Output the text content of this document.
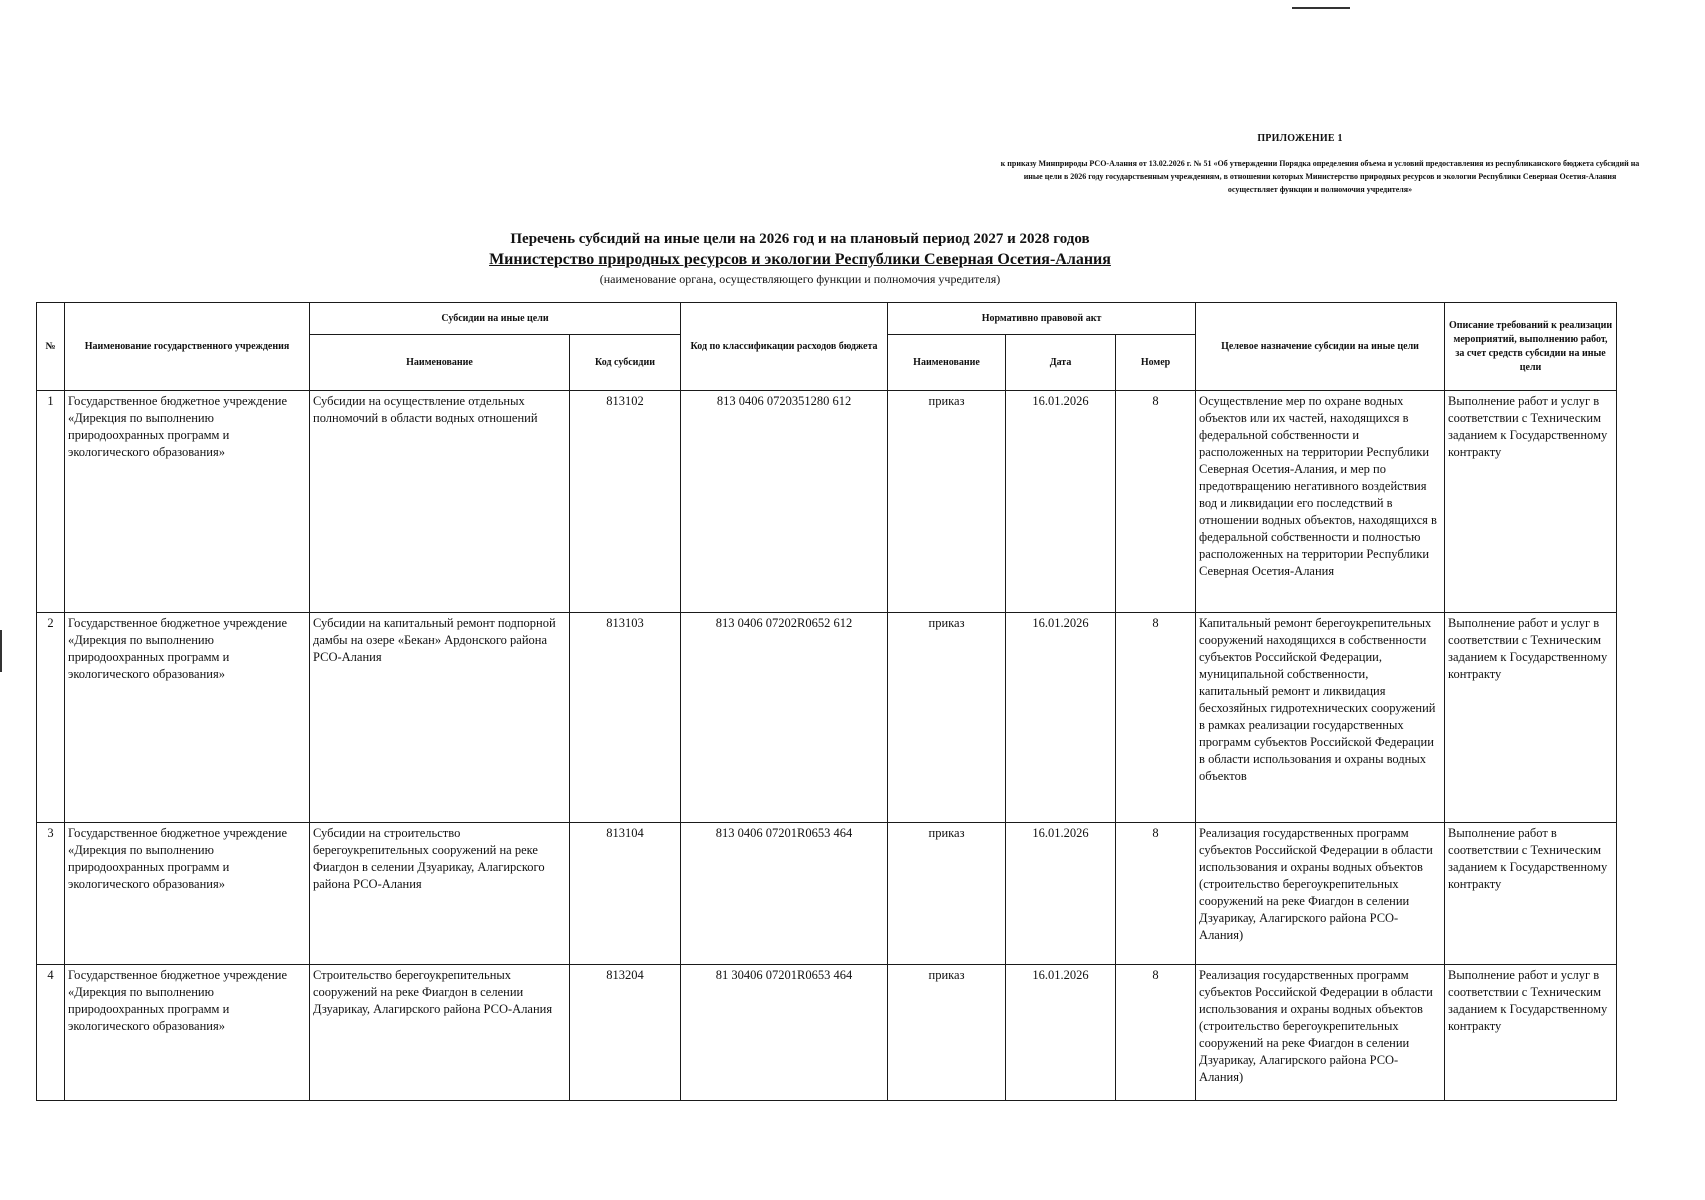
ПРИЛОЖЕНИЕ 1
к приказу Минприроды РСО-Алания от 13.02.2026 г. № 51 «Об утверждении Порядка определения объема и условий предоставления из республиканского бюджета субсидий на иные цели в 2026 году государственным учреждениям, в отношении которых Министерство природных ресурсов и экологии Республики Северная Осетия-Алания осуществляет функции и полномочия учредителя»
Перечень субсидий на иные цели на 2026 год и на плановый период 2027 и 2028 годов
Министерство природных ресурсов и экологии Республики Северная Осетия-Алания
(наименование органа, осуществляющего функции и полномочия учредителя)
№	Наименование государственного учреждения	Субсидии на иные цели		Код по классификации расходов бюджета	Нормативно правовой акт			Целевое назначение субсидии на иные цели	Описание требований к реализации мероприятий, выполнению работ, за счет средств субсидии на иные цели
		Наименование	Код субсидии		Наименование	Дата	Номер		
1	Государственное бюджетное учреждение «Дирекция по выполнению природоохранных программ и экологического образования»	Субсидии на осуществление отдельных полномочий в области водных отношений	813102	813 0406 0720351280 612	приказ	16.01.2026	8	Осуществление мер по охране водных объектов или их частей, находящихся в федеральной собственности и расположенных на территории Республики Северная Осетия-Алания, и мер по предотвращению негативного воздействия вод и ликвидации его последствий в отношении водных объектов, находящихся в федеральной собственности и полностью расположенных на территории Республики Северная Осетия-Алания	Выполнение работ и услуг в соответствии с Техническим заданием к Государственному контракту
2	Государственное бюджетное учреждение «Дирекция по выполнению природоохранных программ и экологического образования»	Субсидии на капитальный ремонт подпорной дамбы на озере «Бекан» Ардонского района РСО-Алания	813103	813 0406 07202R0652 612	приказ	16.01.2026	8	Капитальный ремонт берегоукрепительных сооружений находящихся в собственности субъектов Российской Федерации, муниципальной собственности, капитальный ремонт и ликвидация бесхозяйных гидротехнических сооружений в рамках реализации государственных программ субъектов Российской Федерации в области использования и охраны водных объектов	Выполнение работ и услуг в соответствии с Техническим заданием к Государственному контракту
3	Государственное бюджетное учреждение «Дирекция по выполнению природоохранных программ и экологического образования»	Субсидии на строительство берегоукрепительных сооружений на реке Фиагдон в селении Дзуарикау, Алагирского района РСО-Алания	813104	813 0406 07201R0653 464	приказ	16.01.2026	8	Реализация государственных программ субъектов Российской Федерации в области использования и охраны водных объектов (строительство берегоукрепительных сооружений на реке Фиагдон в селении Дзуарикау, Алагирского района РСО-Алания)	Выполнение работ в соответствии с Техническим заданием к Государственному контракту
4	Государственное бюджетное учреждение «Дирекция по выполнению природоохранных программ и экологического образования»	Строительство берегоукрепительных сооружений на реке Фиагдон в селении Дзуарикау, Алагирского района РСО-Алания	813204	81 30406 07201R0653 464	приказ	16.01.2026	8	Реализация государственных программ субъектов Российской Федерации в области использования и охраны водных объектов (строительство берегоукрепительных сооружений на реке Фиагдон в селении Дзуарикау, Алагирского района РСО-Алания)	Выполнение работ и услуг в соответствии с Техническим заданием к Государственному контракту
